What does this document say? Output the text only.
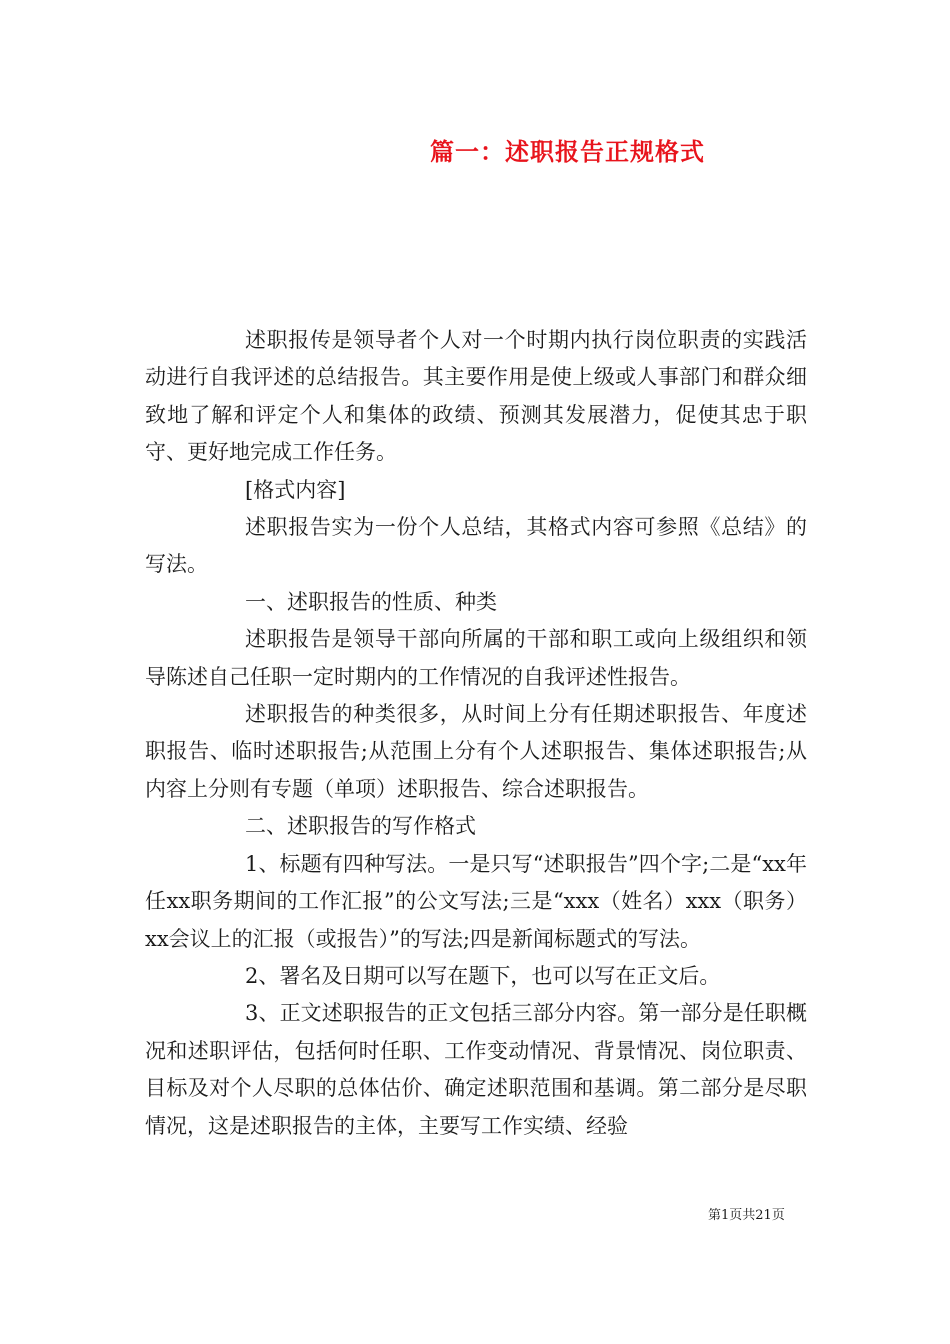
篇一：述职报告正规格式

述职报传是领导者个人对一个时期内执行岗位职责的实践活动进行自我评述的总结报告。其主要作用是使上级或人事部门和群众细致地了解和评定个人和集体的政绩、预测其发展潜力，促使其忠于职守、更好地完成工作任务。

[格式内容]

述职报告实为一份个人总结，其格式内容可参照《总结》的写法。

一、述职报告的性质、种类

述职报告是领导干部向所属的干部和职工或向上级组织和领导陈述自己任职一定时期内的工作情况的自我评述性报告。

述职报告的种类很多，从时间上分有任期述职报告、年度述职报告、临时述职报告;从范围上分有个人述职报告、集体述职报告;从内容上分则有专题（单项）述职报告、综合述职报告。

二、述职报告的写作格式

1、标题有四种写法。一是只写“述职报告”四个字;二是“xx年任xx职务期间的工作汇报”的公文写法;三是“xxx（姓名）xxx（职务）xx会议上的汇报（或报告）”的写法;四是新闻标题式的写法。

2、署名及日期可以写在题下，也可以写在正文后。

3、正文述职报告的正文包括三部分内容。第一部分是任职概况和述职评估，包括何时任职、工作变动情况、背景情况、岗位职责、目标及对个人尽职的总体估价、确定述职范围和基调。第二部分是尽职情况，这是述职报告的主体，主要写工作实绩、经验

第1页共21页
